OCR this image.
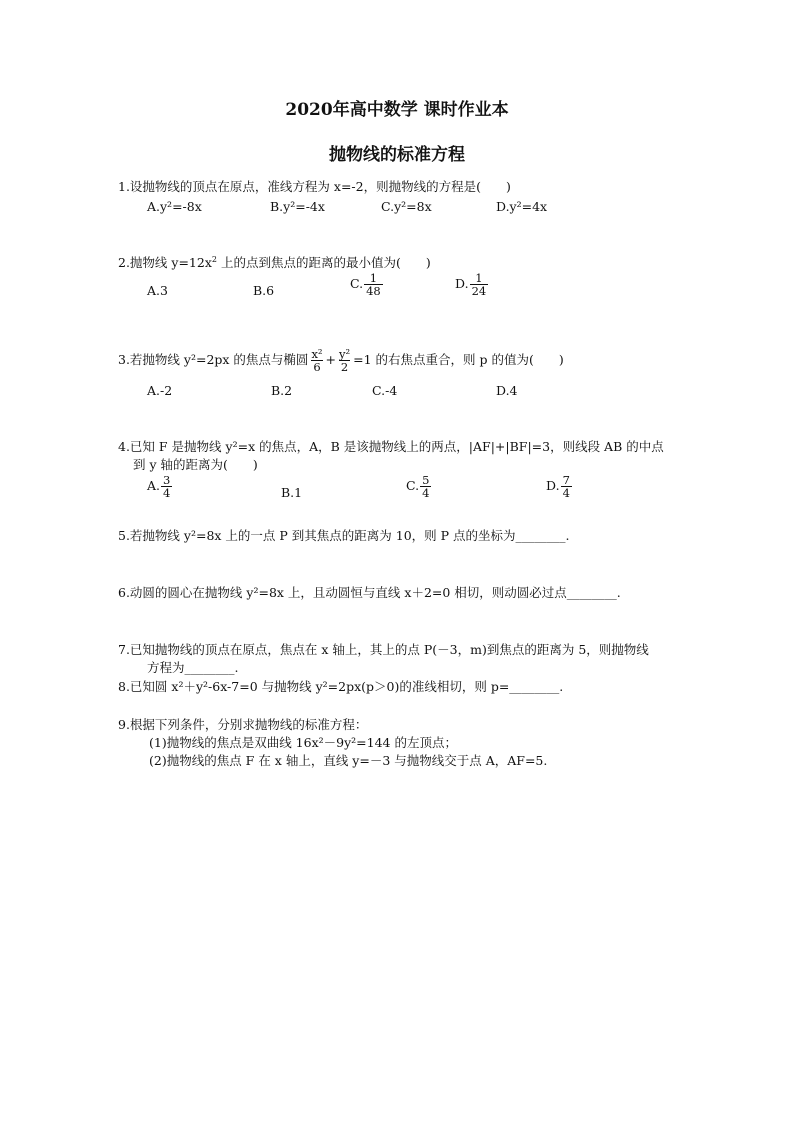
2020年高中数学 课时作业本
抛物线的标准方程
1.设抛物线的顶点在原点，准线方程为 x=-2，则抛物线的方程是(　　)
A.y²=-8x	B.y²=-4x	C.y²=8x	D.y²=4x
2.抛物线 $y=12x^2$ 上的点到焦点的距离的最小值为(　　)
A.3	B.6	C. $\frac{1}{48}$	D. $\frac{1}{24}$
3.若抛物线 y²=2px 的焦点与椭圆 $\frac{\text{x²}}{6} + \frac{\text{y²}}{2} =1$ 的右焦点重合，则 p 的值为(　　)
A.-2	B.2	C.-4	D.4
4.已知 F 是抛物线 y²=x 的焦点，A，B 是该抛物线上的两点，|AF|+|BF|=3，则线段 AB 的中点
到 y 轴的距离为(　　)
A. $\frac{3}{4}$	B.1	C. $\frac{5}{4}$	D. $\frac{7}{4}$
5.若抛物线 y²=8x 上的一点 P 到其焦点的距离为 10，则 P 点的坐标为________.
6.动圆的圆心在抛物线 y²=8x 上，且动圆恒与直线 x＋2=0 相切，则动圆必过点________.
7.已知抛物线的顶点在原点，焦点在 x 轴上，其上的点 P(－3，m)到焦点的距离为 5，则抛物线
方程为________.
8.已知圆 x²＋y²-6x-7=0 与抛物线 y²=2px(p＞0)的准线相切，则 p=________.
9.根据下列条件，分别求抛物线的标准方程：
(1)抛物线的焦点是双曲线 16x²－9y²=144 的左顶点；
(2)抛物线的焦点 F 在 x 轴上，直线 y=－3 与抛物线交于点 A，AF=5.
